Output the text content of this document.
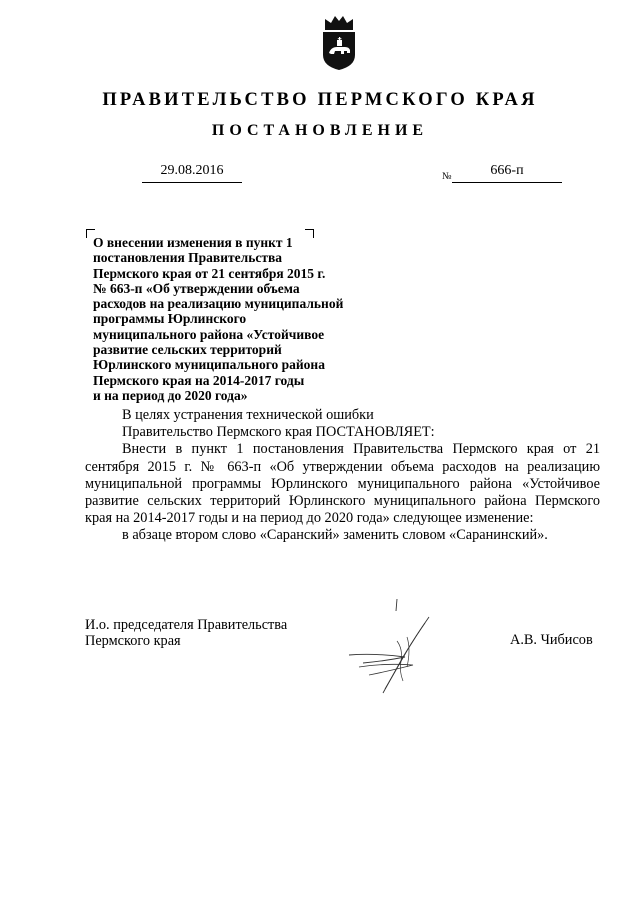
ПРАВИТЕЛЬСТВО ПЕРМСКОГО КРАЯ
ПОСТАНОВЛЕНИЕ
29.08.2016	№	666-п
О внесении изменения в пункт 1
постановления Правительства
Пермского края от 21 сентября 2015 г.
№ 663-п «Об утверждении объема
расходов на реализацию муниципальной
программы Юрлинского
муниципального района «Устойчивое
развитие сельских территорий
Юрлинского муниципального района
Пермского края на 2014-2017 годы
и на период до 2020 года»

В целях устранения технической ошибки

Правительство Пермского края ПОСТАНОВЛЯЕТ:

Внести в пункт 1 постановления Правительства Пермского края от 21 сентября 2015 г. № 663-п «Об утверждении объема расходов на реализацию муниципальной программы Юрлинского муниципального района «Устойчивое развитие сельских территорий Юрлинского муниципального района Пермского края на 2014-2017 годы и на период до 2020 года» следующее изменение:

в абзаце втором слово «Саранский» заменить словом «Саранинский».

И.о. председателя Правительства
Пермского края	А.В. Чибисов
